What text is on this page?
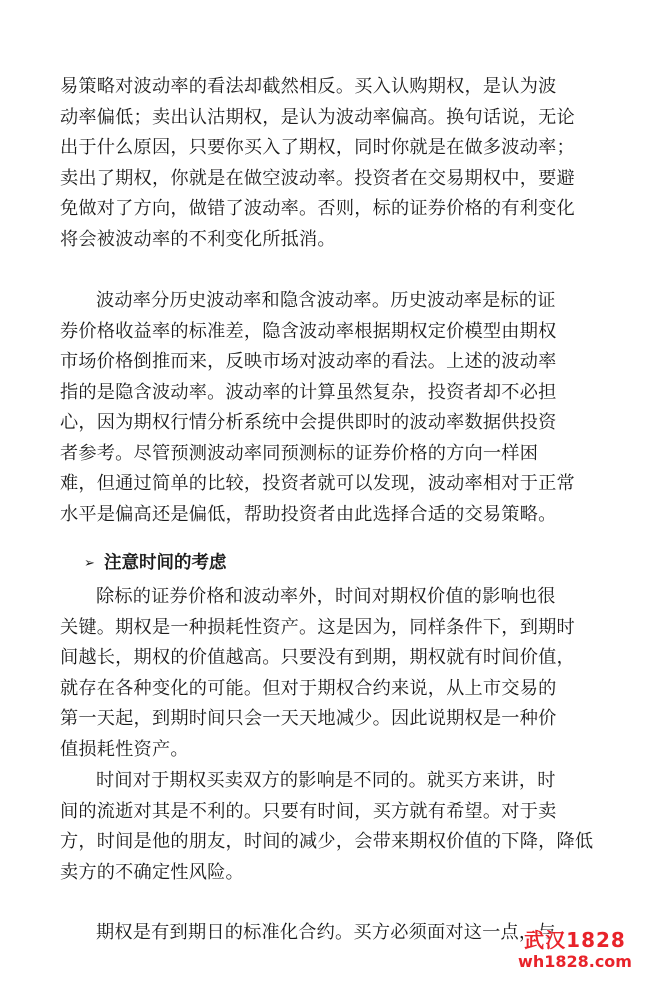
易策略对波动率的看法却截然相反。买入认购期权，是认为波
动率偏低；卖出认沽期权，是认为波动率偏高。换句话说，无论
出于什么原因，只要你买入了期权，同时你就是在做多波动率；
卖出了期权，你就是在做空波动率。投资者在交易期权中，要避
免做对了方向，做错了波动率。否则，标的证券价格的有利变化
将会被波动率的不利变化所抵消。
波动率分历史波动率和隐含波动率。历史波动率是标的证
券价格收益率的标准差，隐含波动率根据期权定价模型由期权
市场价格倒推而来，反映市场对波动率的看法。上述的波动率
指的是隐含波动率。波动率的计算虽然复杂，投资者却不必担
心，因为期权行情分析系统中会提供即时的波动率数据供投资
者参考。尽管预测波动率同预测标的证券价格的方向一样困
难，但通过简单的比较，投资者就可以发现，波动率相对于正常
水平是偏高还是偏低，帮助投资者由此选择合适的交易策略。
➢ 注意时间的考虑
除标的证券价格和波动率外，时间对期权价值的影响也很
关键。期权是一种损耗性资产。这是因为，同样条件下，到期时
间越长，期权的价值越高。只要没有到期，期权就有时间价值，
就存在各种变化的可能。但对于期权合约来说，从上市交易的
第一天起，到期时间只会一天天地减少。因此说期权是一种价
值损耗性资产。
时间对于期权买卖双方的影响是不同的。就买方来讲，时
间的流逝对其是不利的。只要有时间，买方就有希望。对于卖
方，时间是他的朋友，时间的减少，会带来期权价值的下降，降低
卖方的不确定性风险。
期权是有到期日的标准化合约。买方必须面对这一点，与
武汉1828
wh1828.com
